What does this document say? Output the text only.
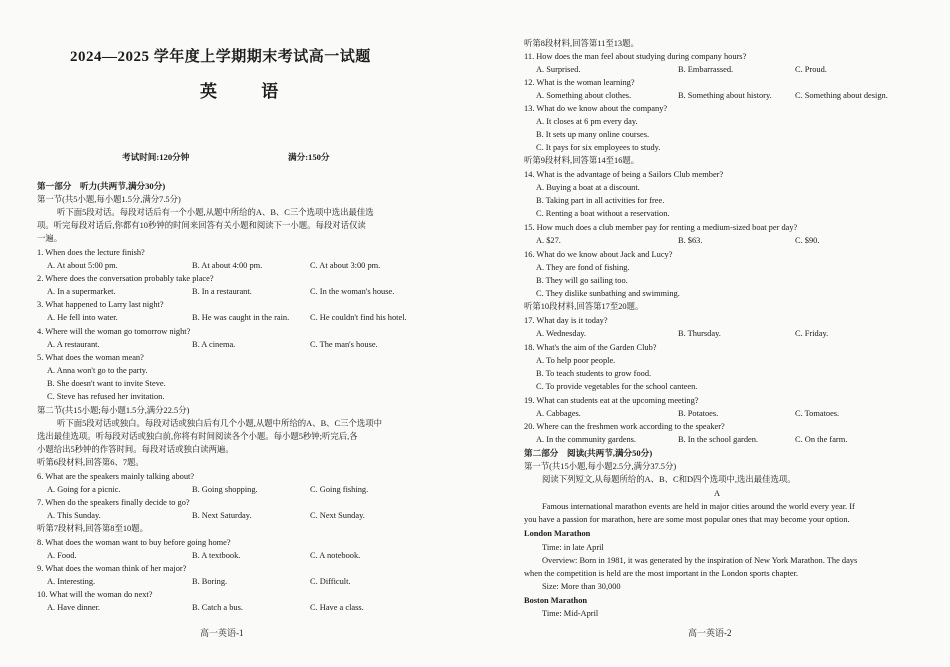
2024—2025 学年度上学期期末考试高一试题
英 语
考试时间:120分钟	满分:150分
第一部分　听力(共两节,满分30分)
第一节(共5小题,每小题1.5分,满分7.5分)
听下面5段对话。每段对话后有一个小题,从题中所给的A、B、C三个选项中选出最佳选
项。听完每段对话后,你都有10秒钟的时间来回答有关小题和阅读下一小题。每段对话仅读
一遍。
1. When does the lecture finish?
A. At about 5:00 pm.	B. At about 4:00 pm.	C. At about 3:00 pm.
2. Where does the conversation probably take place?
A. In a supermarket.	B. In a restaurant.	C. In the woman's house.
3. What happened to Larry last night?
A. He fell into water.	B. He was caught in the rain. C. He couldn't find his hotel.
4. Where will the woman go tomorrow night?
A. A restaurant.	B. A cinema.	C. The man's house.
5. What does the woman mean?
A. Anna won't go to the party.
B. She doesn't want to invite Steve.
C. Steve has refused her invitation.
第二节(共15小题;每小题1.5分,满分22.5分)
听下面5段对话或独白。每段对话或独白后有几个小题,从题中所给的A、B、C三个选项中
选出最佳选项。听每段对话或独白前,你将有时间阅读各个小题。每小题5秒钟;听完后,各
小题给出5秒钟的作答时间。每段对话或独白读两遍。
听第6段材料,回答第6、7题。
6. What are the speakers mainly talking about?
A. Going for a picnic.	B. Going shopping.	C. Going fishing.
7. When do the speakers finally decide to go?
A. This Sunday.	B. Next Saturday.	C. Next Sunday.
听第7段材料,回答第8至10题。
8. What does the woman want to buy before going home?
A. Food.	B. A textbook.	C. A notebook.
9. What does the woman think of her major?
A. Interesting.	B. Boring.	C. Difficult.
10. What will the woman do next?
A. Have dinner.	B. Catch a bus.	C. Have a class.
高一英语-1
听第8段材料,回答第11至13题。
11. How does the man feel about studying during company hours?
A. Surprised.	B. Embarrassed.	C. Proud.
12. What is the woman learning?
A. Something about clothes.	B. Something about history.	C. Something about design.
13. What do we know about the company?
A. It closes at 6 pm every day.
B. It sets up many online courses.
C. It pays for six employees to study.
听第9段材料,回答第14至16题。
14. What is the advantage of being a Sailors Club member?
A. Buying a boat at a discount.
B. Taking part in all activities for free.
C. Renting a boat without a reservation.
15. How much does a club member pay for renting a medium-sized boat per day?
A. $27.	B. $63.	C. $90.
16. What do we know about Jack and Lucy?
A. They are fond of fishing.
B. They will go sailing too.
C. They dislike sunbathing and swimming.
听第10段材料,回答第17至20题。
17. What day is it today?
A. Wednesday.	B. Thursday.	C. Friday.
18. What's the aim of the Garden Club?
A. To help poor people.
B. To teach students to grow food.
C. To provide vegetables for the school canteen.
19. What can students eat at the upcoming meeting?
A. Cabbages.	B. Potatoes.	C. Tomatoes.
20. Where can the freshmen work according to the speaker?
A. In the community gardens.	B. In the school garden.	C. On the farm.
第二部分　阅读(共两节,满分50分)
第一节(共15小题,每小题2.5分,满分37.5分)
阅读下列短文,从每题所给的A、B、C和D四个选项中,选出最佳选项。
A
Famous international marathon events are held in major cities around the world every year. If
you have a passion for marathon, here are some most popular ones that may become your option.
London Marathon
Time: in late April
Overview: Born in 1981, it was generated by the inspiration of New York Marathon. The days
when the competition is held are the most important in the London sports chapter.
Size: More than 30,000
Boston Marathon
Time: Mid-April
高一英语-2
